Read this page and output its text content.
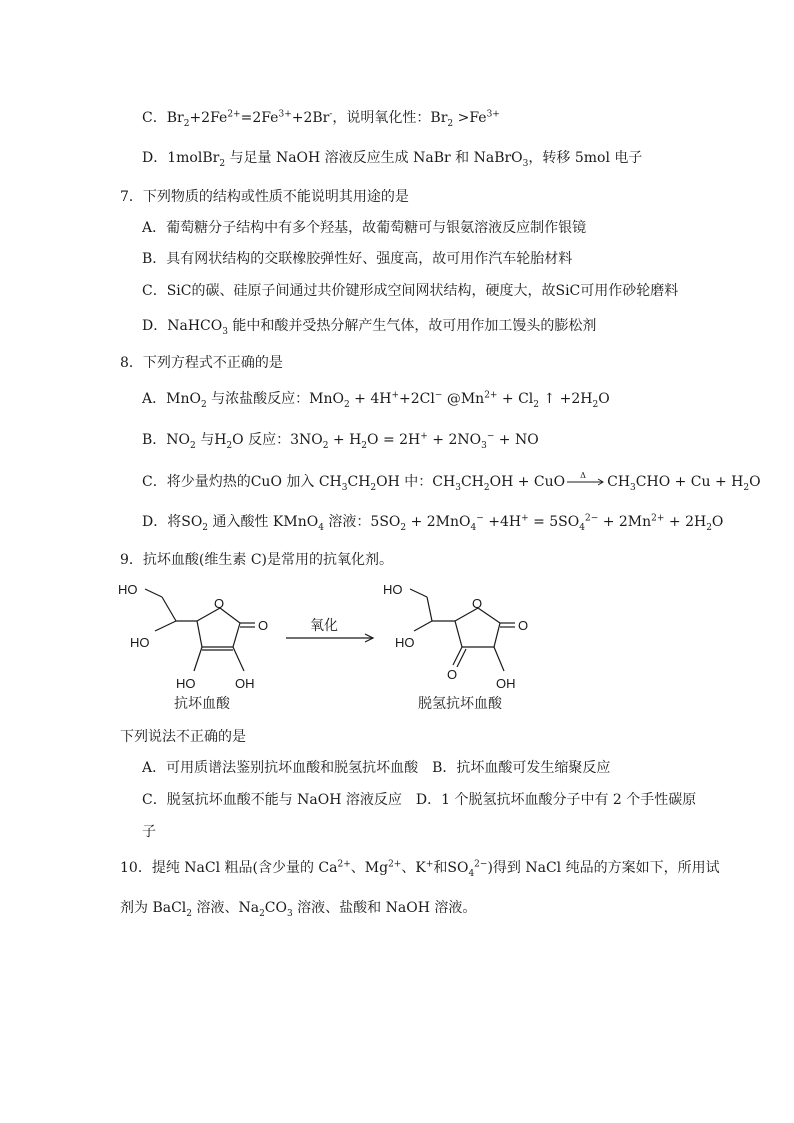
C．$Br_2+2Fe^{2+}=2Fe^{3+}+2Br^-$，说明氧化性：$Br_2 >Fe^{3+}$
D．1molBr$_2$ 与足量 NaOH 溶液反应生成 NaBr 和 NaBrO$_3$，转移 5mol 电子
7．下列物质的结构或性质不能说明其用途的是
A．葡萄糖分子结构中有多个羟基，故葡萄糖可与银氨溶液反应制作银镜
B．具有网状结构的交联橡胶弹性好、强度高，故可用作汽车轮胎材料
C．SiC的碳、硅原子间通过共价键形成空间网状结构，硬度大，故SiC可用作砂轮磨料
D．NaHCO$_3$ 能中和酸并受热分解产生气体，故可用作加工馒头的膨松剂
8．下列方程式不正确的是
A．MnO$_2$ 与浓盐酸反应：MnO$_2$ + 4H++2Cl− $@Mn^{2+} + Cl_2$ ↑ $+2H_2O$
B．$NO_2$ 与$H_2O$ 反应：$3NO_2 + H_2O = 2H^+ + 2NO_3^-$ + NO
C．将少量灼热的CuO 加入 $CH_3CH_2OH$ 中：$CH_3CH_2OH$ + CuO Δ $CH_3CHO + Cu + H_2O$
D．将$SO_2$ 通入酸性 KMnO$_4$ 溶液：$5SO_2 + 2MnO_4^- +4H^+ = 5SO_4^{2-} + 2Mn^{2+} + 2H_2O$
9．抗坏血酸(维生素 C)是常用的抗氧化剂。
HO
HO
O
O
HO	OH
抗坏血酸
氧化
HO
HO
O
O
O
OH
脱氢抗坏血酸
下列说法不正确的是
A．可用质谱法鉴别抗坏血酸和脱氢抗坏血酸　B．抗坏血酸可发生缩聚反应
C．脱氢抗坏血酸不能与 NaOH 溶液反应　D．1 个脱氢抗坏血酸分子中有 2 个手性碳原
子
10．提纯 NaCl 粗品(含少量的 $Ca^{2+}$、$Mg^{2+}$、K+和$SO_4^{2-}$)得到 NaCl 纯品的方案如下，所用试
剂为 BaCl$_2$ 溶液、$Na_2CO_3$ 溶液、盐酸和 NaOH 溶液。
